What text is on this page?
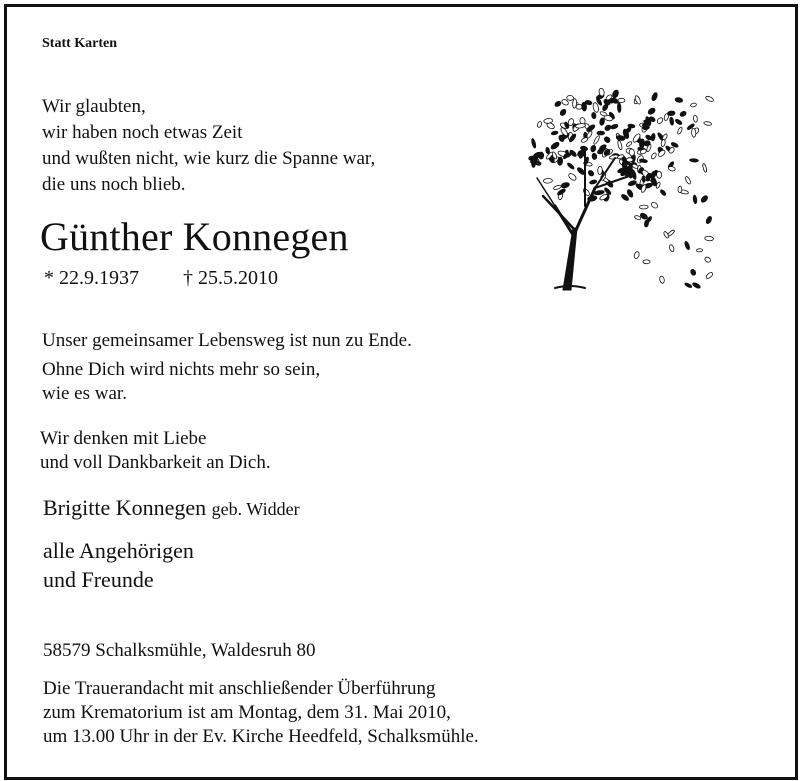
Statt Karten
Wir glaubten,
wir haben noch etwas Zeit
und wußten nicht, wie kurz die Spanne war,
die uns noch blieb.
Günther Konnegen
* 22.9.1937 † 25.5.2010
Unser gemeinsamer Lebensweg ist nun zu Ende.
Ohne Dich wird nichts mehr so sein,
wie es war.
Wir denken mit Liebe
und voll Dankbarkeit an Dich.
Brigitte Konnegen geb. Widder
alle Angehörigen
und Freunde
58579 Schalksmühle, Waldesruh 80
Die Trauerandacht mit anschließender Überführung
zum Krematorium ist am Montag, dem 31. Mai 2010,
um 13.00 Uhr in der Ev. Kirche Heedfeld, Schalksmühle.
